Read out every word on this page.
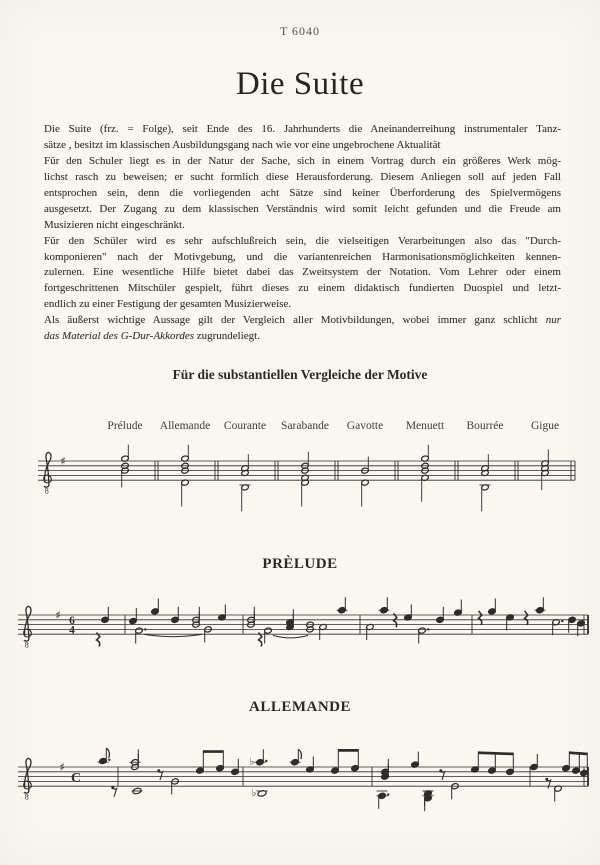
T 6040
Die Suite
Die Suite (frz. = Folge), seit Ende des 16. Jahrhunderts die Aneinanderreihung instrumentaler Tanz-
sätze , besitzt im klassischen Ausbildungsgang nach wie vor eine ungebrochene Aktualität
Für den Schuler liegt es in der Natur der Sache, sich in einem Vortrag durch ein größeres Werk mög-
lichst rasch zu beweisen; er sucht formlich diese Herausforderung. Diesem Anliegen soll auf jeden Fall
entsprochen sein, denn die vorliegenden acht Sätze sind keiner Überforderung des Spielvermögens
ausgesetzt. Der Zugang zu dem klassischen Verständnis wird somit leicht gefunden und die Freude am
Musizieren nicht eingeschränkt.
Für den Schüler wird es sehr aufschlußreich sein, die vielseitigen Verarbeitungen also das "Durch-
komponieren" nach der Motivgebung, und die variantenreichen Harmonisationsmöglichkeiten kennen-
zulernen. Eine wesentliche Hilfe bietet dabei das Zweitsystem der Notation. Vom Lehrer oder einem
fortgeschrittenen Mitschüler gespielt, führt dieses zu einem didaktisch fundierten Duospiel und letzt-
endlich zu einer Festigung der gesamten Musizierweise.
Als äußerst wichtige Aussage gilt der Vergleich aller Motivbildungen, wobei immer ganz schlicht nur
das Material des G-Dur-Akkordes zugrundeliegt.
Für die substantiellen Vergleiche der Motive
Prélude Allemande Courante Sarabande Gavotte Menuett Bourrée Gigue
8
♯
PRÈLUDE
8
♯ 6
4
ALLEMANDE
8
♯
C
♭
♭
